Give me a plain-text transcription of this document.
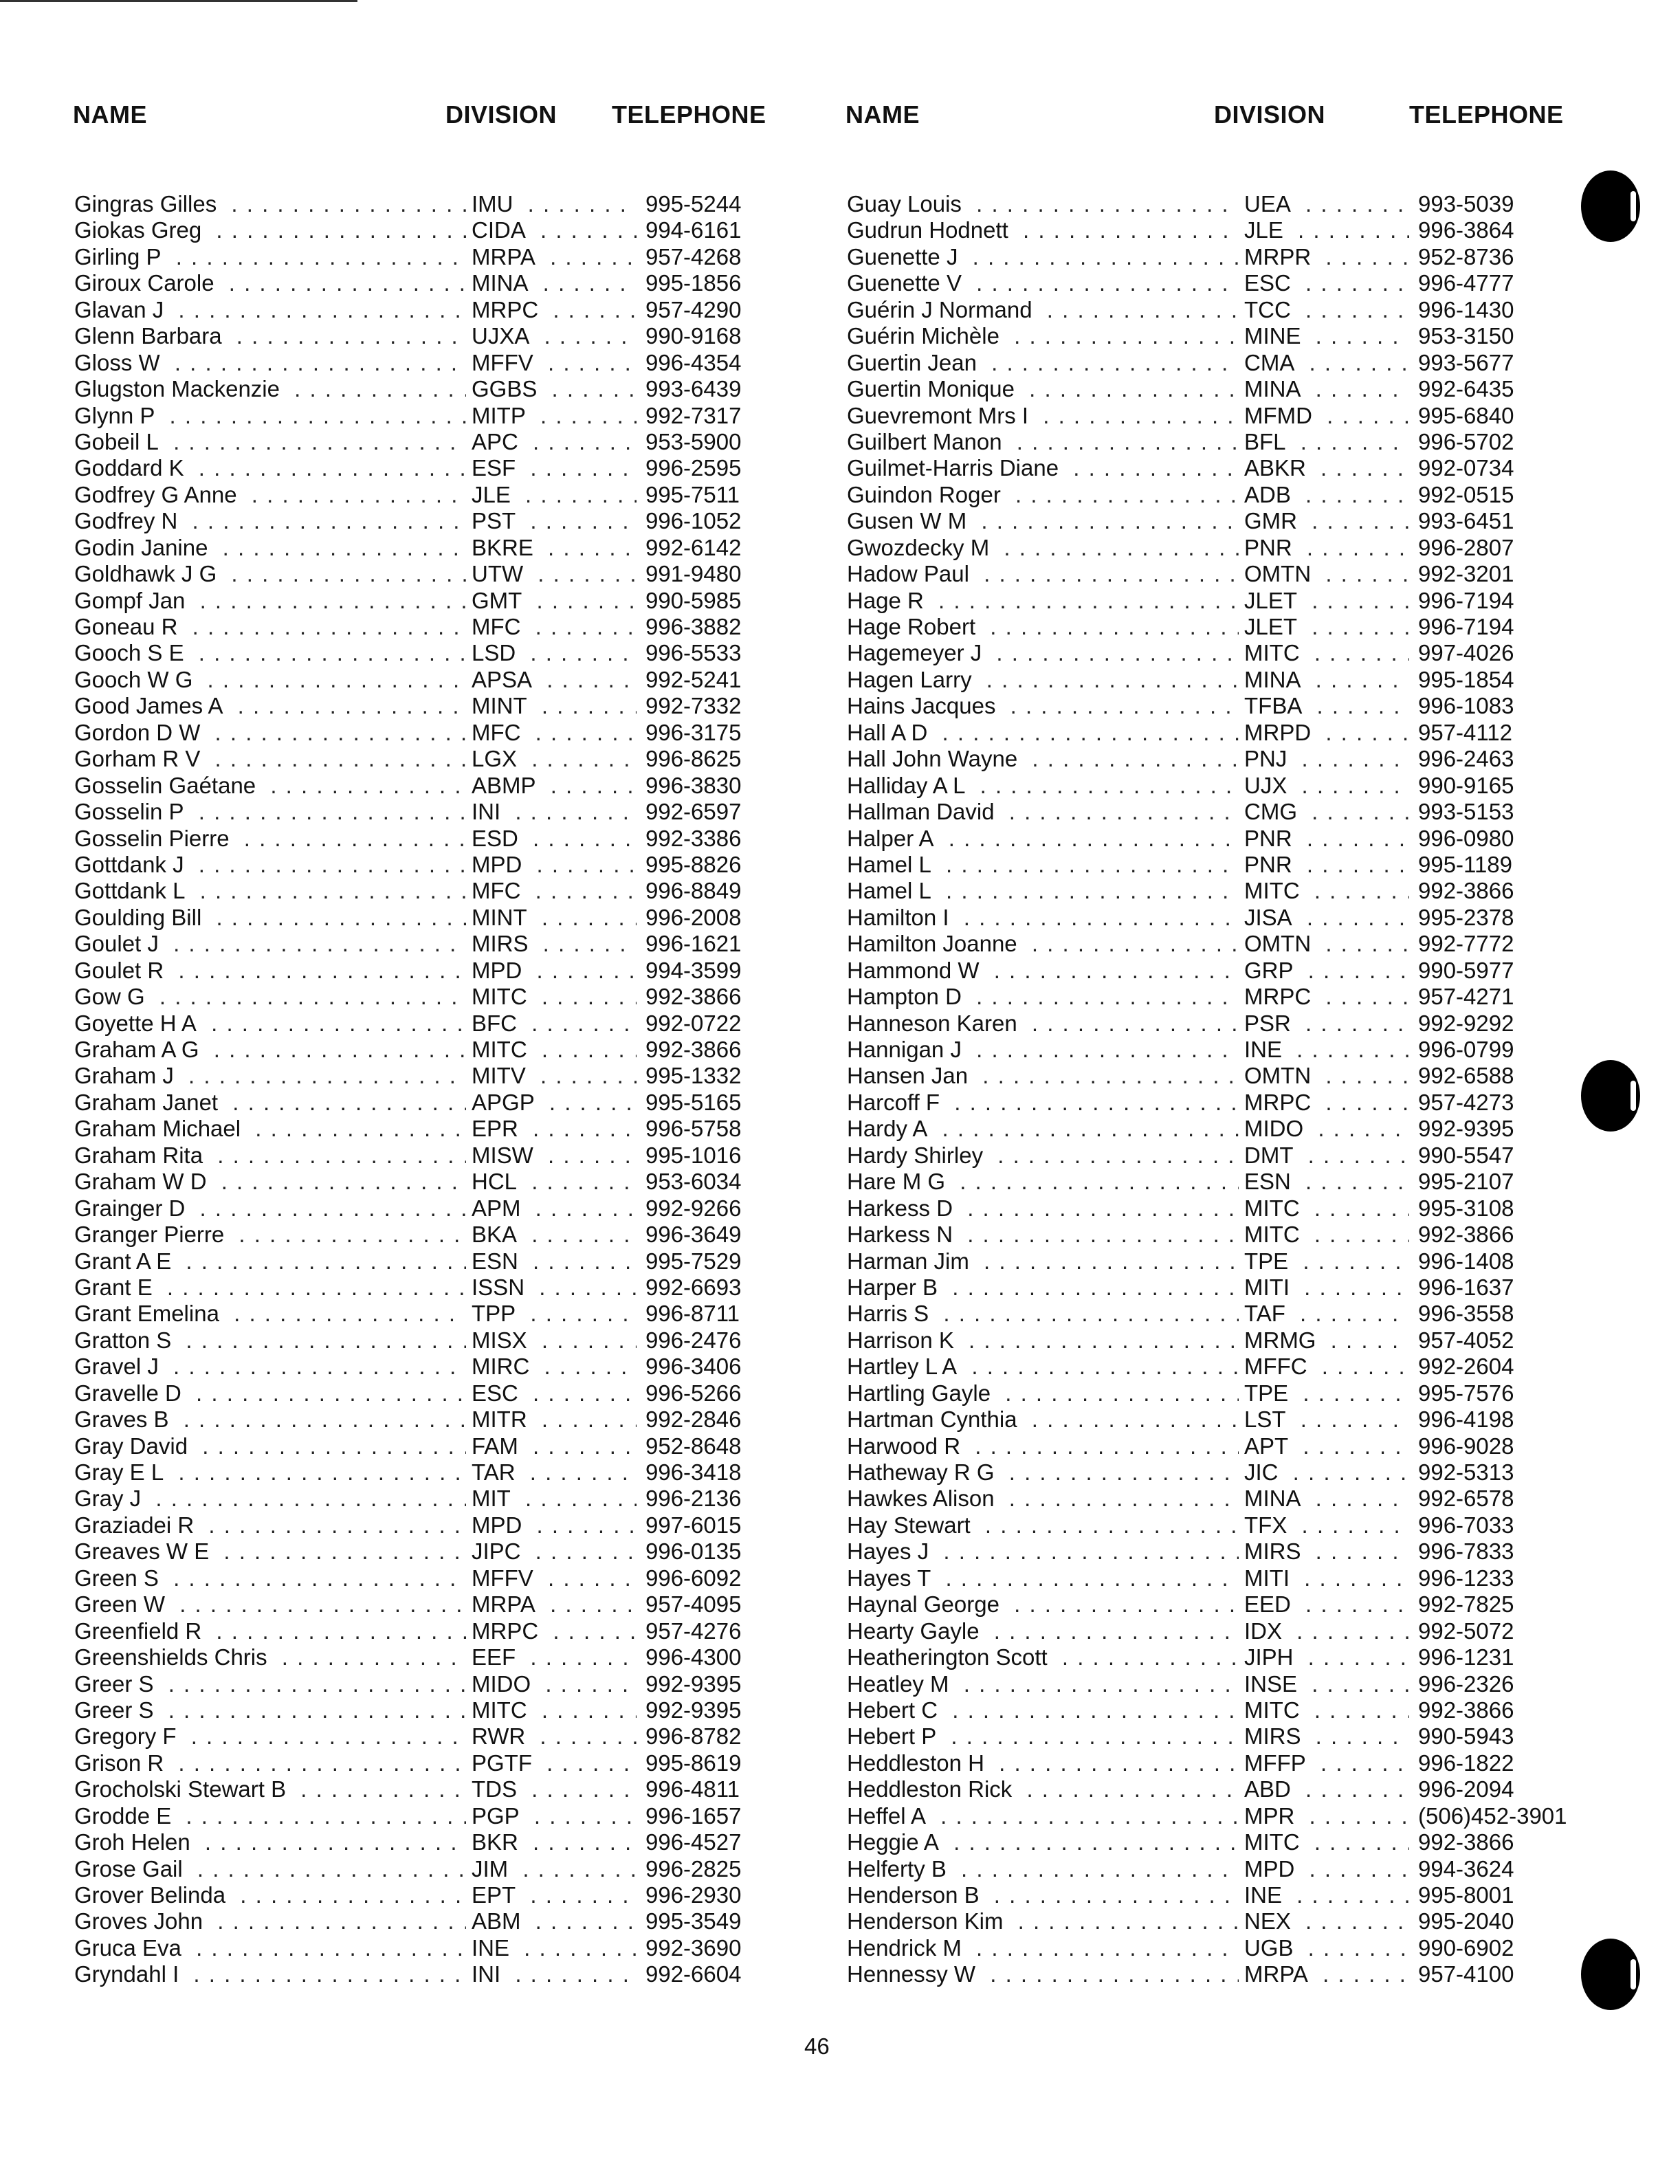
NAME	DIVISION TELEPHONE	NAME	DIVISION	TELEPHONE
Gingras Gilles . . .	IMU . . .	995-5244
Giokas Greg . . .	CIDA . . .	994-6161
Girling P . . .	MRPA . . .	957-4268
Giroux Carole . . .	MINA . . .	995-1856
Glavan J . . .	MRPC . . .	957-4290
Glenn Barbara . . .	UJXA . . .	990-9168
Gloss W . . .	MFFV . . .	996-4354
Glugston Mackenzie . . .	GGBS . . .	993-6439
Glynn P . . .	MITP . . .	992-7317
Gobeil L . . .	APC . . .	953-5900
Goddard K . . .	ESF . . .	996-2595
Godfrey G Anne . . .	JLE . . .	995-7511
Godfrey N . . .	PST . . .	996-1052
Godin Janine . . .	BKRE . . .	992-6142
Goldhawk J G . . .	UTW . . .	991-9480
Gompf Jan . . .	GMT . . .	990-5985
Goneau R . . .	MFC . . .	996-3882
Gooch S E . . .	LSD . . .	996-5533
Gooch W G . . .	APSA . . .	992-5241
Good James A . . .	MINT . . .	992-7332
Gordon D W . . .	MFC . . .	996-3175
Gorham R V . . .	LGX . . .	996-8625
Gosselin Gaétane . . .	ABMP . . .	996-3830
Gosselin P . . .	INI . . .	992-6597
Gosselin Pierre . . .	ESD . . .	992-3386
Gottdank J . . .	MPD . . .	995-8826
Gottdank L . . .	MFC . . .	996-8849
Goulding Bill . . .	MINT . . .	996-2008
Goulet J . . .	MIRS . . .	996-1621
Goulet R . . .	MPD . . .	994-3599
Gow G . . .	MITC . . .	992-3866
Goyette H A . . .	BFC . . .	992-0722
Graham A G . . .	MITC . . .	992-3866
Graham J . . .	MITV . . .	995-1332
Graham Janet . . .	APGP . . .	995-5165
Graham Michael . . .	EPR . . .	996-5758
Graham Rita . . .	MISW . . .	995-1016
Graham W D . . .	HCL . . .	953-6034
Grainger D . . .	APM . . .	992-9266
Granger Pierre . . .	BKA . . .	996-3649
Grant A E . . .	ESN . . .	995-7529
Grant E . . .	ISSN . . .	992-6693
Grant Emelina . . .	TPP . . .	996-8711
Gratton S . . .	MISX . . .	996-2476
Gravel J . . .	MIRC . . .	996-3406
Gravelle D . . .	ESC . . .	996-5266
Graves B . . .	MITR . . .	992-2846
Gray David . . .	FAM . . .	952-8648
Gray E L . . .	TAR . . .	996-3418
Gray J . . .	MIT . . .	996-2136
Graziadei R . . .	MPD . . .	997-6015
Greaves W E . . .	JIPC . . .	996-0135
Green S . . .	MFFV . . .	996-6092
Green W . . .	MRPA . . .	957-4095
Greenfield R . . .	MRPC . . .	957-4276
Greenshields Chris . . .	EEF . . .	996-4300
Greer S . . .	MIDO . . .	992-9395
Greer S . . .	MITC . . .	992-9395
Gregory F . . .	RWR . . .	996-8782
Grison R . . .	PGTF . . .	995-8619
Grocholski Stewart B . . .	TDS . . .	996-4811
Grodde E . . .	PGP . . .	996-1657
Groh Helen . . .	BKR . . .	996-4527
Grose Gail . . .	JIM . . .	996-2825
Grover Belinda . . .	EPT . . .	996-2930
Groves John . . .	ABM . . .	995-3549
Gruca Eva . . .	INE . . .	992-3690
Gryndahl I . . .	INI . . .	992-6604
Guay Louis . . .	UEA . . .	993-5039
Gudrun Hodnett . . .	JLE . . .	996-3864
Guenette J . . .	MRPR . . .	952-8736
Guenette V . . .	ESC . . .	996-4777
Guérin J Normand . . .	TCC . . .	996-1430
Guérin Michèle . . .	MINE . . .	953-3150
Guertin Jean . . .	CMA . . .	993-5677
Guertin Monique . . .	MINA . . .	992-6435
Guevremont Mrs I . . .	MFMD . . .	995-6840
Guilbert Manon . . .	BFL . . .	996-5702
Guilmet-Harris Diane . . .	ABKR . . .	992-0734
Guindon Roger . . .	ADB . . .	992-0515
Gusen W M . . .	GMR . . .	993-6451
Gwozdecky M . . .	PNR . . .	996-2807
Hadow Paul . . .	OMTN . . .	992-3201
Hage R . . .	JLET . . .	996-7194
Hage Robert . . .	JLET . . .	996-7194
Hagemeyer J . . .	MITC . . .	997-4026
Hagen Larry . . .	MINA . . .	995-1854
Hains Jacques . . .	TFBA . . .	996-1083
Hall A D . . .	MRPD . . .	957-4112
Hall John Wayne . . .	PNJ . . .	996-2463
Halliday A L . . .	UJX . . .	990-9165
Hallman David . . .	CMG . . .	993-5153
Halper A . . .	PNR . . .	996-0980
Hamel L . . .	PNR . . .	995-1189
Hamel L . . .	MITC . . .	992-3866
Hamilton I . . .	JISA . . .	995-2378
Hamilton Joanne . . .	OMTN . . .	992-7772
Hammond W . . .	GRP . . .	990-5977
Hampton D . . .	MRPC . . .	957-4271
Hanneson Karen . . .	PSR . . .	992-9292
Hannigan J . . .	INE . . .	996-0799
Hansen Jan . . .	OMTN . . .	992-6588
Harcoff F . . .	MRPC . . .	957-4273
Hardy A . . .	MIDO . . .	992-9395
Hardy Shirley . . .	DMT . . .	990-5547
Hare M G . . .	ESN . . .	995-2107
Harkess D . . .	MITC . . .	995-3108
Harkess N . . .	MITC . . .	992-3866
Harman Jim . . .	TPE . . .	996-1408
Harper B . . .	MITI . . .	996-1637
Harris S . . .	TAF . . .	996-3558
Harrison K . . .	MRMG . . .	957-4052
Hartley L A . . .	MFFC . . .	992-2604
Hartling Gayle . . .	TPE . . .	995-7576
Hartman Cynthia . . .	LST . . .	996-4198
Harwood R . . .	APT . . .	996-9028
Hatheway R G . . .	JIC . . .	992-5313
Hawkes Alison . . .	MINA . . .	992-6578
Hay Stewart . . .	TFX . . .	996-7033
Hayes J . . .	MIRS . . .	996-7833
Hayes T . . .	MITI . . .	996-1233
Haynal George . . .	EED . . .	992-7825
Hearty Gayle . . .	IDX . . .	992-5072
Heatherington Scott . . .	JIPH . . .	996-1231
Heatley M . . .	INSE . . .	996-2326
Hebert C . . .	MITC . . .	992-3866
Hebert P . . .	MIRS . . .	990-5943
Heddleston H . . .	MFFP . . .	996-1822
Heddleston Rick . . .	ABD . . .	996-2094
Heffel A . . .	MPR . . .	(506)452-3901
Heggie A . . .	MITC . . .	992-3866
Helferty B . . .	MPD . . .	994-3624
Henderson B . . .	INE . . .	995-8001
Henderson Kim . . .	NEX . . .	995-2040
Hendrick M . . .	UGB . . .	990-6902
Hennessy W . . .	MRPA . . .	957-4100
46
